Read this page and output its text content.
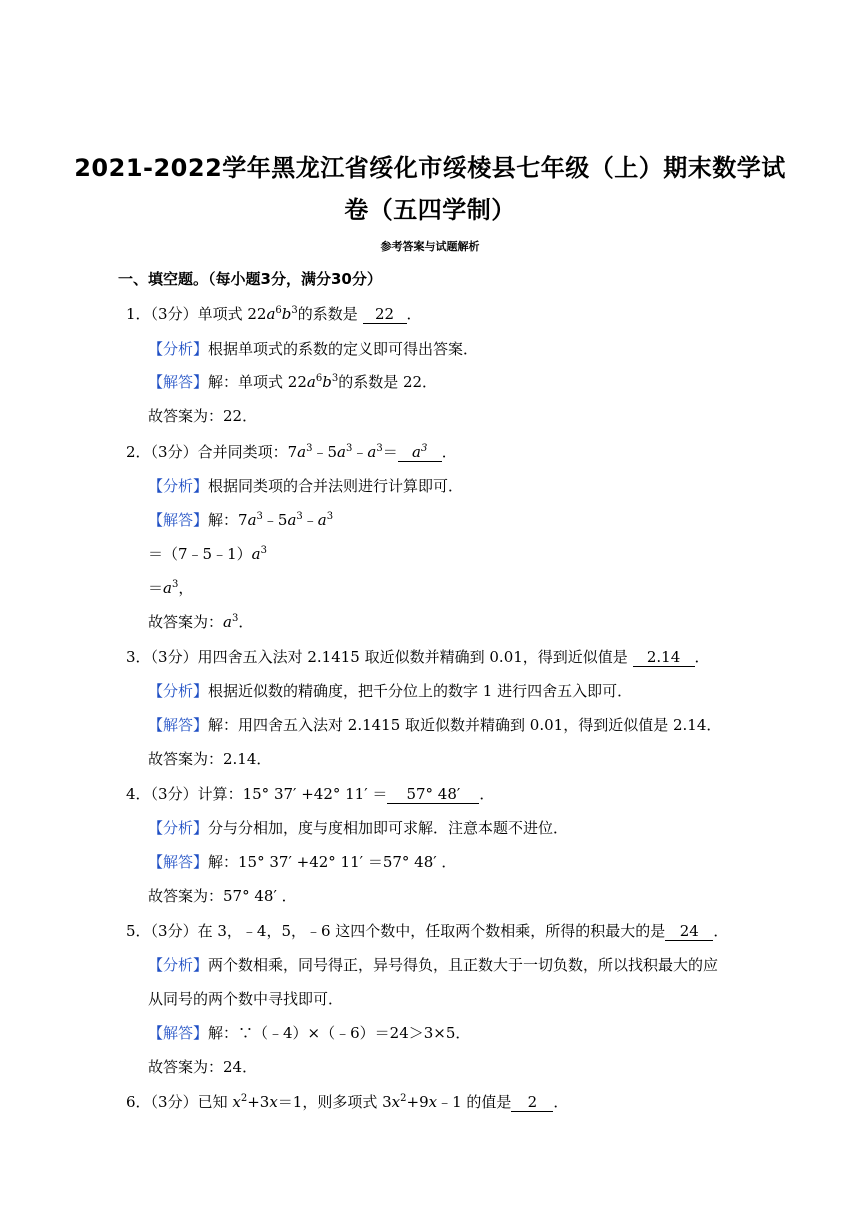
2021-2022学年黑龙江省绥化市绥棱县七年级（上）期末数学试
卷（五四学制）
参考答案与试题解析
一、填空题。（每小题3分，满分30分）
1．（3分）单项式 $22a^6b^3$的系数是 22 ．
【分析】根据单项式的系数的定义即可得出答案．
【解答】解：单项式 $22a^6b^3$的系数是 22．
故答案为：22．
2．（3分）合并同类项：$7a^3﹣5a^3﹣a^3= a^3$ ．
【分析】根据同类项的合并法则进行计算即可．
【解答】解：$7a^3﹣5a^3﹣a^3$
$=(7﹣5﹣1)a^3$
$=a^3$，
故答案为：$a^3$．
3．（3分）用四舍五入法对 2.1415 取近似数并精确到 0.01，得到近似值是 2.14 ．
【分析】根据近似数的精确度，把千分位上的数字 1 进行四舍五入即可．
【解答】解：用四舍五入法对 2.1415 取近似数并精确到 0.01，得到近似值是 2.14．
故答案为：2.14．
4．（3分）计算：15° 37′ +42° 11′ ＝ 57° 48′ ．
【分析】分与分相加，度与度相加即可求解．注意本题不进位．
【解答】解：15° 37′ +42° 11′ ＝57° 48′ ．
故答案为：57° 48′ ．
5．（3分）在 3，﹣4，5，﹣6 这四个数中，任取两个数相乘，所得的积最大的是 24 ．
【分析】两个数相乘，同号得正，异号得负，且正数大于一切负数，所以找积最大的应
从同号的两个数中寻找即可．
【解答】解：∵（﹣4）×（﹣6）＝24＞3×5．
故答案为：24．
6．（3分）已知 $x^2+3x=1$，则多项式 $3x^2+9x﹣1$ 的值是 2 ．
